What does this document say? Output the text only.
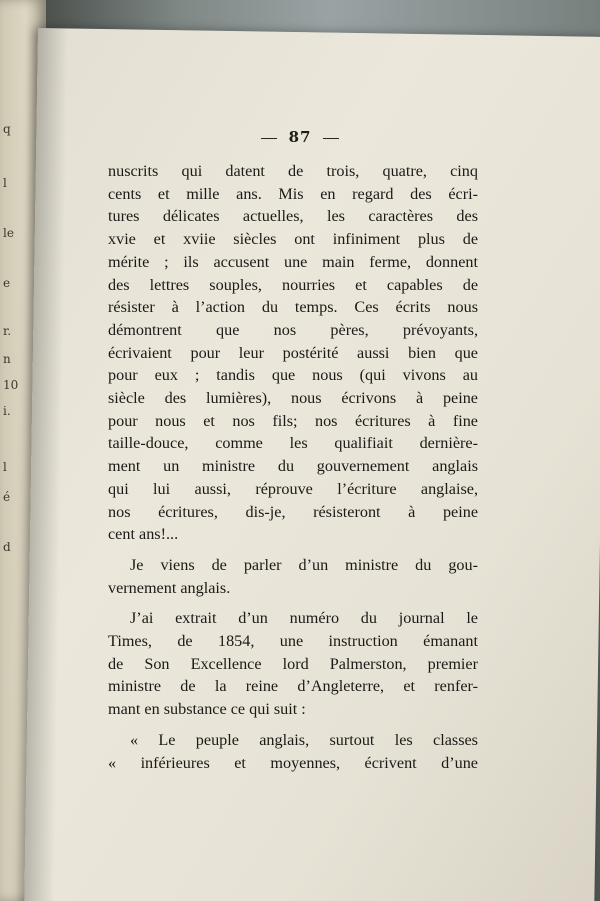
q
l
le
e
r.
n
10
i.
l
é
d
87
nuscrits qui datent de trois, quatre, cinq
cents et mille ans. Mis en regard des écri-
tures délicates actuelles, les caractères des
xvie et xviie siècles ont infiniment plus de
mérite ; ils accusent une main ferme, donnent
des lettres souples, nourries et capables de
résister à l’action du temps. Ces écrits nous
démontrent que nos pères, prévoyants,
écrivaient pour leur postérité aussi bien que
pour eux ; tandis que nous (qui vivons au
siècle des lumières), nous écrivons à peine
pour nous et nos fils; nos écritures à fine
taille-douce, comme les qualifiait dernière-
ment un ministre du gouvernement anglais
qui lui aussi, réprouve l’écriture anglaise,
nos écritures, dis-je, résisteront à peine
cent ans!...
Je viens de parler d’un ministre du gou-
vernement anglais.
J’ai extrait d’un numéro du journal le
Times, de 1854, une instruction émanant
de Son Excellence lord Palmerston, premier
ministre de la reine d’Angleterre, et renfer-
mant en substance ce qui suit :
« Le peuple anglais, surtout les classes
« inférieures et moyennes, écrivent d’une
